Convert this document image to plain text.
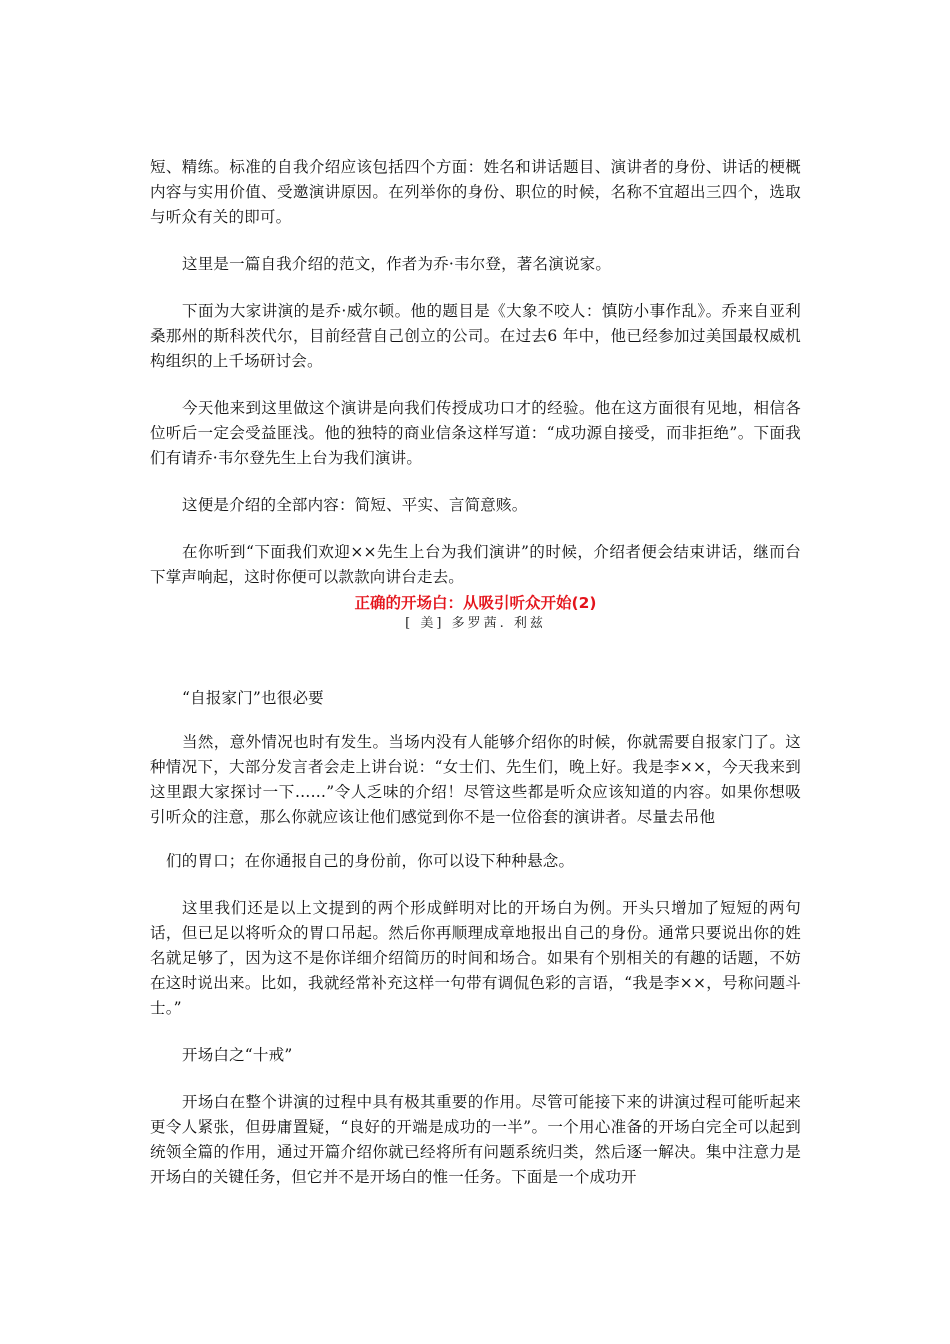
短、精练。标准的自我介绍应该包括四个方面：姓名和讲话题目、演讲者的身份、讲话的梗概内容与实用价值、受邀演讲原因。在列举你的身份、职位的时候，名称不宜超出三四个，选取与听众有关的即可。

这里是一篇自我介绍的范文，作者为乔·韦尔登，著名演说家。

下面为大家讲演的是乔·威尔顿。他的题目是《大象不咬人：慎防小事作乱》。乔来自亚利桑那州的斯科茨代尔，目前经营自己创立的公司。在过去6 年中，他已经参加过美国最权威机构组织的上千场研讨会。

今天他来到这里做这个演讲是向我们传授成功口才的经验。他在这方面很有见地，相信各位听后一定会受益匪浅。他的独特的商业信条这样写道：“成功源自接受，而非拒绝”。下面我们有请乔·韦尔登先生上台为我们演讲。

这便是介绍的全部内容：简短、平实、言简意赅。

在你听到“下面我们欢迎××先生上台为我们演讲”的时候，介绍者便会结束讲话，继而台下掌声响起，这时你便可以款款向讲台走去。

正确的开场白：从吸引听众开始(2)
[ 美] 多罗茜. 利兹

“自报家门”也很必要

当然，意外情况也时有发生。当场内没有人能够介绍你的时候，你就需要自报家门了。这种情况下，大部分发言者会走上讲台说：“女士们、先生们，晚上好。我是李××，今天我来到这里跟大家探讨一下……”令人乏味的介绍！尽管这些都是听众应该知道的内容。如果你想吸引听众的注意，那么你就应该让他们感觉到你不是一位俗套的演讲者。尽量去吊他

们的胃口；在你通报自己的身份前，你可以设下种种悬念。

这里我们还是以上文提到的两个形成鲜明对比的开场白为例。开头只增加了短短的两句话，但已足以将听众的胃口吊起。然后你再顺理成章地报出自己的身份。通常只要说出你的姓名就足够了，因为这不是你详细介绍简历的时间和场合。如果有个别相关的有趣的话题，不妨在这时说出来。比如，我就经常补充这样一句带有调侃色彩的言语，“我是李××，号称问题斗士。”

开场白之“十戒”

开场白在整个讲演的过程中具有极其重要的作用。尽管可能接下来的讲演过程可能听起来更令人紧张，但毋庸置疑，“良好的开端是成功的一半”。一个用心准备的开场白完全可以起到统领全篇的作用，通过开篇介绍你就已经将所有问题系统归类，然后逐一解决。集中注意力是开场白的关键任务，但它并不是开场白的惟一任务。下面是一个成功开
